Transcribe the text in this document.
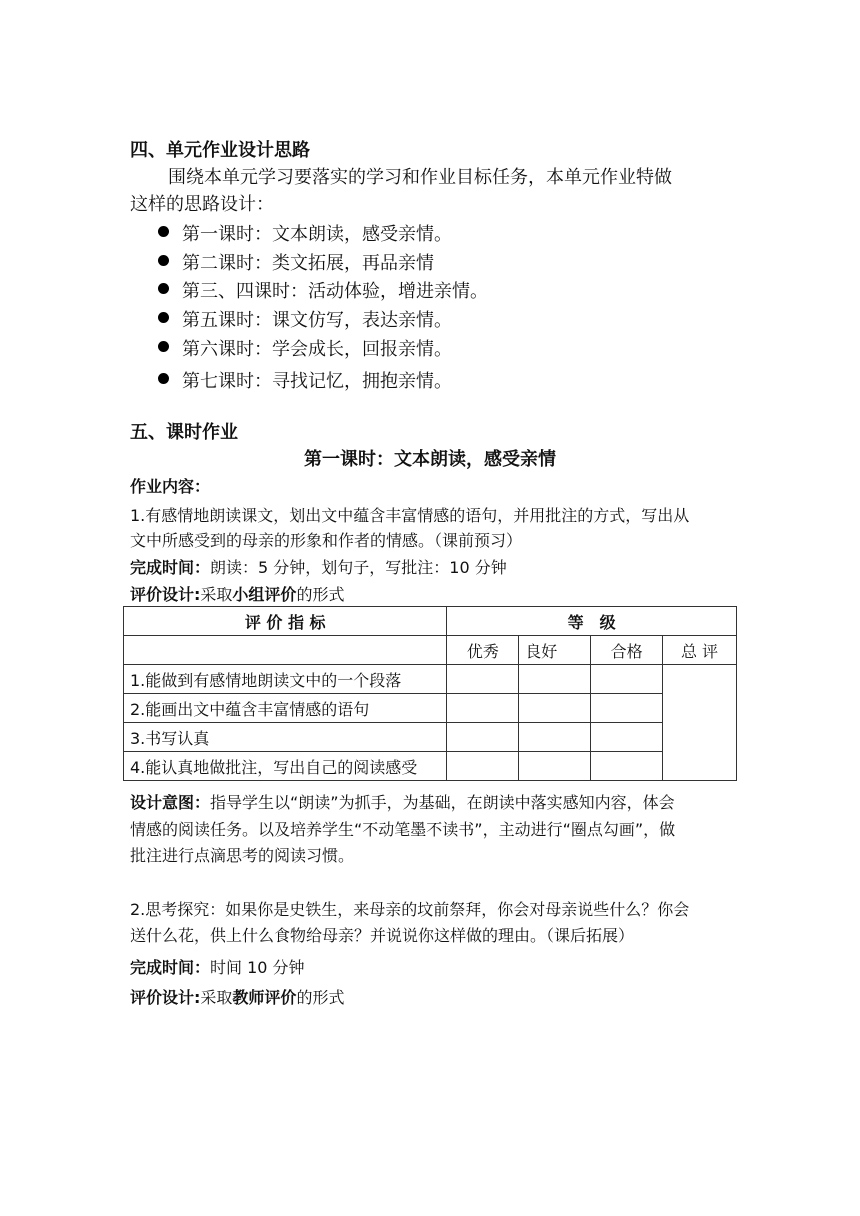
四、单元作业设计思路
围绕本单元学习要落实的学习和作业目标任务，本单元作业特做
这样的思路设计：
第一课时：文本朗读，感受亲情。
第二课时：类文拓展，再品亲情
第三、四课时：活动体验，增进亲情。
第五课时：课文仿写，表达亲情。
第六课时：学会成长，回报亲情。
第七课时：寻找记忆，拥抱亲情。
五、课时作业
第一课时：文本朗读，感受亲情
作业内容：
1.有感情地朗读课文，划出文中蕴含丰富情感的语句，并用批注的方式，写出从
文中所感受到的母亲的形象和作者的情感。（课前预习）
完成时间：朗读：5 分钟，划句子，写批注：10 分钟
评价设计:采取小组评价的形式
评 价 指 标	等　级			
	优秀	良好	合格	总 评
1.能做到有感情地朗读文中的一个段落				
2.能画出文中蕴含丰富情感的语句				
3.书写认真				
4.能认真地做批注，写出自己的阅读感受				
设计意图：指导学生以“朗读”为抓手，为基础，在朗读中落实感知内容，体会
情感的阅读任务。以及培养学生“不动笔墨不读书”，主动进行“圈点勾画”，做
批注进行点滴思考的阅读习惯。
2.思考探究：如果你是史铁生，来母亲的坟前祭拜，你会对母亲说些什么？你会
送什么花，供上什么食物给母亲？并说说你这样做的理由。（课后拓展）
完成时间：时间 10 分钟
评价设计:采取教师评价的形式
